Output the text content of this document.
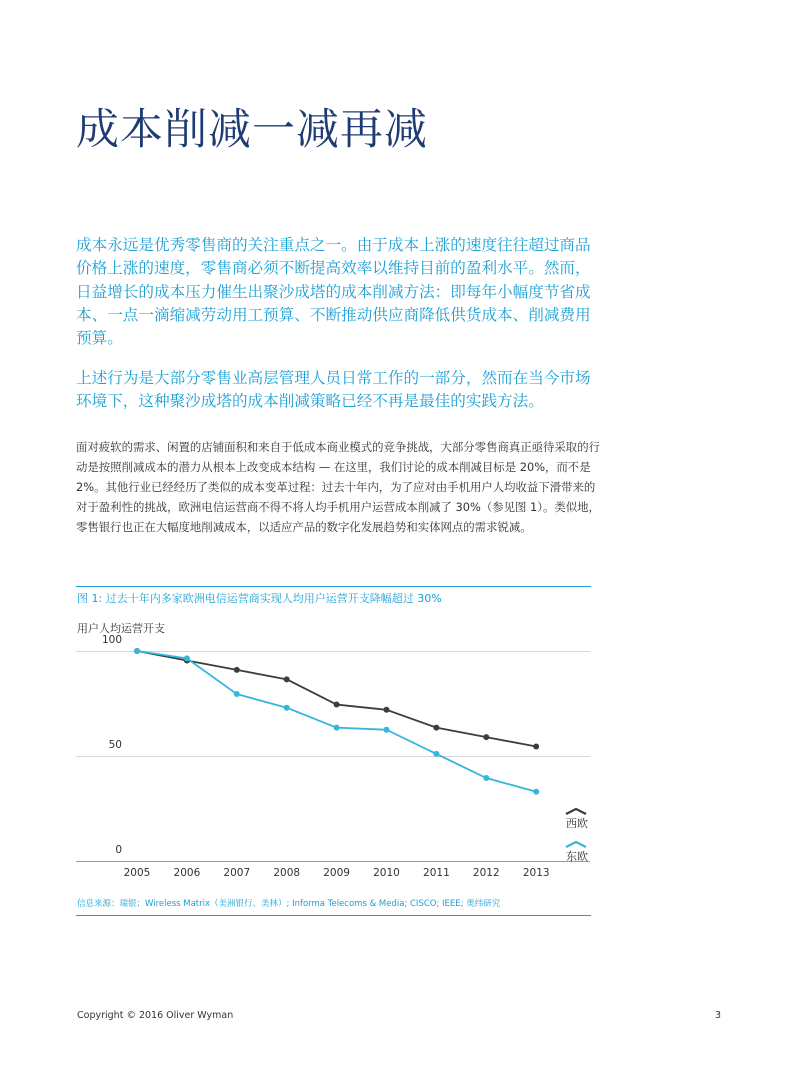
成本削减一减再减

成本永远是优秀零售商的关注重点之一。由于成本上涨的速度往往超过商品价格上涨的速度，零售商必须不断提高效率以维持目前的盈利水平。然而，日益增长的成本压力催生出聚沙成塔的成本削减方法：即每年小幅度节省成本、一点一滴缩减劳动用工预算、不断推动供应商降低供货成本、削减费用预算。

上述行为是大部分零售业高层管理人员日常工作的一部分，然而在当今市场环境下，这种聚沙成塔的成本削减策略已经不再是最佳的实践方法。

面对疲软的需求、闲置的店铺面积和来自于低成本商业模式的竞争挑战，大部分零售商真正亟待采取的行动是按照削减成本的潜力从根本上改变成本结构 — 在这里，我们讨论的成本削减目标是 20%，而不是 2%。其他行业已经经历了类似的成本变革过程：过去十年内，为了应对由手机用户人均收益下滑带来的对于盈利性的挑战，欧洲电信运营商不得不将人均手机用户运营成本削减了 30%（参见图 1）。类似地，零售银行也正在大幅度地削减成本，以适应产品的数字化发展趋势和实体网点的需求锐减。

图 1: 过去十年内多家欧洲电信运营商实现人均用户运营开支降幅超过 30%
用户人均运营开支
0
50
100
2005 2006 2007 2008 2009 2010 2011 2012 2013
西欧
东欧
信息来源：瑞银；Wireless Matrix（美洲银行、美林）; Informa Telecoms & Media; CISCO; IEEE; 奥纬研究
Copyright © 2016 Oliver Wyman	3
